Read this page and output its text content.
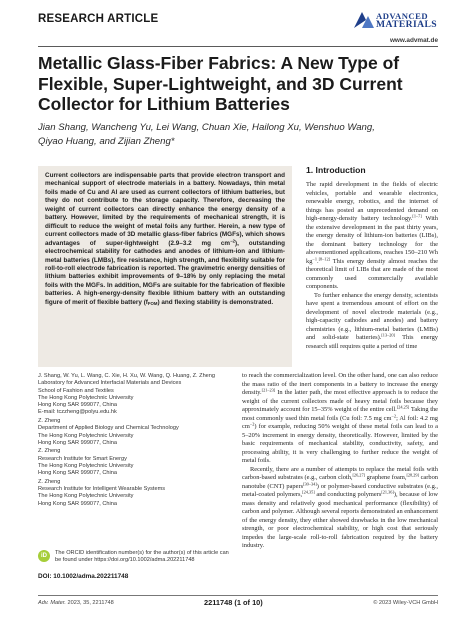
RESEARCH ARTICLE	ADVANCED
MATERIALS
www.advmat.de
Metallic Glass-Fiber Fabrics: A New Type of Flexible, Super-Lightweight, and 3D Current Collector for Lithium Batteries
Jian Shang, Wancheng Yu, Lei Wang, Chuan Xie, Hailong Xu, Wenshuo Wang,
Qiyao Huang, and Zijian Zheng*
Current collectors are indispensable parts that provide electron transport and mechanical support of electrode materials in a battery. Nowadays, thin metal foils made of Cu and Al are used as current collectors of lithium batteries, but they do not contribute to the storage capacity. Therefore, decreasing the weight of current collectors can directly enhance the energy density of a battery. However, limited by the requirements of mechanical strength, it is difficult to reduce the weight of metal foils any further. Herein, a new type of current collectors made of 3D metallic glass-fiber fabrics (MGFs), which shows advantages of super-lightweight (2.9–3.2 mg $cm^{-2}$), outstanding electrochemical stability for cathodes and anodes of lithium-ion and lithium-metal batteries (LMBs), fire resistance, high strength, and flexibility suitable for roll-to-roll electrode fabrication is reported. The gravimetric energy densities of lithium batteries exhibit improvements of 9–18% by only replacing the metal foils with the MGFs. In addition, MGFs are suitable for the fabrication of flexible batteries. A high-energy-density flexible lithium battery with an outstanding figure of merit of flexible battery $(f_{FOM})$ and flexing stability is demonstrated.
1. Introduction

The rapid development in the fields of electric vehicles, portable and wearable electronics, renewable energy, robotics, and the internet of things has posted an unprecedented demand on high-energy-density battery technology.[1–7] With the extensive development in the past thirty years, the energy density of lithium-ion batteries (LIBs), the dominant battery technology for the abovementioned applications, reaches 150–210 Wh $kg^{-1}.[8-12]$ This energy density almost reaches the theoretical limit of LIBs that are made of the most commonly used commercially available components.

To further enhance the energy density, scientists have spent a tremendous amount of effort on the development of novel electrode materials (e.g., high-capacity cathodes and anodes) and battery chemistries (e.g., lithium-metal batteries (LMBs) and solid-state batteries).[13–20] This energy research still requires quite a period of time

to reach the commercialization level. On the other hand, one can also reduce the mass ratio of the inert components in a battery to increase the energy density.[21–23] In the latter path, the most effective approach is to reduce the weight of the current collectors made of heavy metal foils because they approximately account for 15–35% weight of the entire cell.[24,25] Taking the most commonly used thin metal foils (Cu foil: 7.5 mg $cm^{-2}$; Al foil: 4.2 mg $cm^{-2}$) for example, reducing 50% weight of these metal foils can lead to a 5–20% increment in energy density, theoretically. However, limited by the basic requirements of mechanical stability, conductivity, safety, and processing ability, it is very challenging to further reduce the weight of metal foils.

Recently, there are a number of attempts to replace the metal foils with carbon-based substrates (e.g., carbon cloth,[26,27] graphene foam,[28,29] carbon nanotube (CNT) papers[30–34]) or polymer-based conductive substrates (e.g., metal-coated polymers,[24,35] and conducting polymers[21,36]), because of low mass density and relatively good mechanical performance (flexibility) of carbon and polymer. Although several reports demonstrated an enhancement of the energy density, they either showed drawbacks in the low mechanical strength, or poor electrochemical stability, or high cost that seriously impedes the large-scale roll-to-roll fabrication required by the battery industry.

J. Shang, W. Yu, L. Wang, C. Xie, H. Xu, W. Wang, Q. Huang, Z. Zheng
Laboratory for Advanced Interfacial Materials and Devices
School of Fashion and Textiles
The Hong Kong Polytechnic University
Hong Kong SAR 999077, China
E-mail: tczzheng@polyu.edu.hk
Z. Zheng
Department of Applied Biology and Chemical Technology
The Hong Kong Polytechnic University
Hong Kong SAR 999077, China
Z. Zheng
Research Institute for Smart Energy
The Hong Kong Polytechnic University
Hong Kong SAR 999077, China
Z. Zheng
Research Institute for Intelligent Wearable Systems
The Hong Kong Polytechnic University
Hong Kong SAR 999077, China
iD	The ORCID identification number(s) for the author(s) of this article can be found under https://doi.org/10.1002/adma.202211748
DOI: 10.1002/adma.202211748
Adv. Mater. 2023, 35, 2211748	2211748 (1 of 10)	© 2023 Wiley-VCH GmbH
